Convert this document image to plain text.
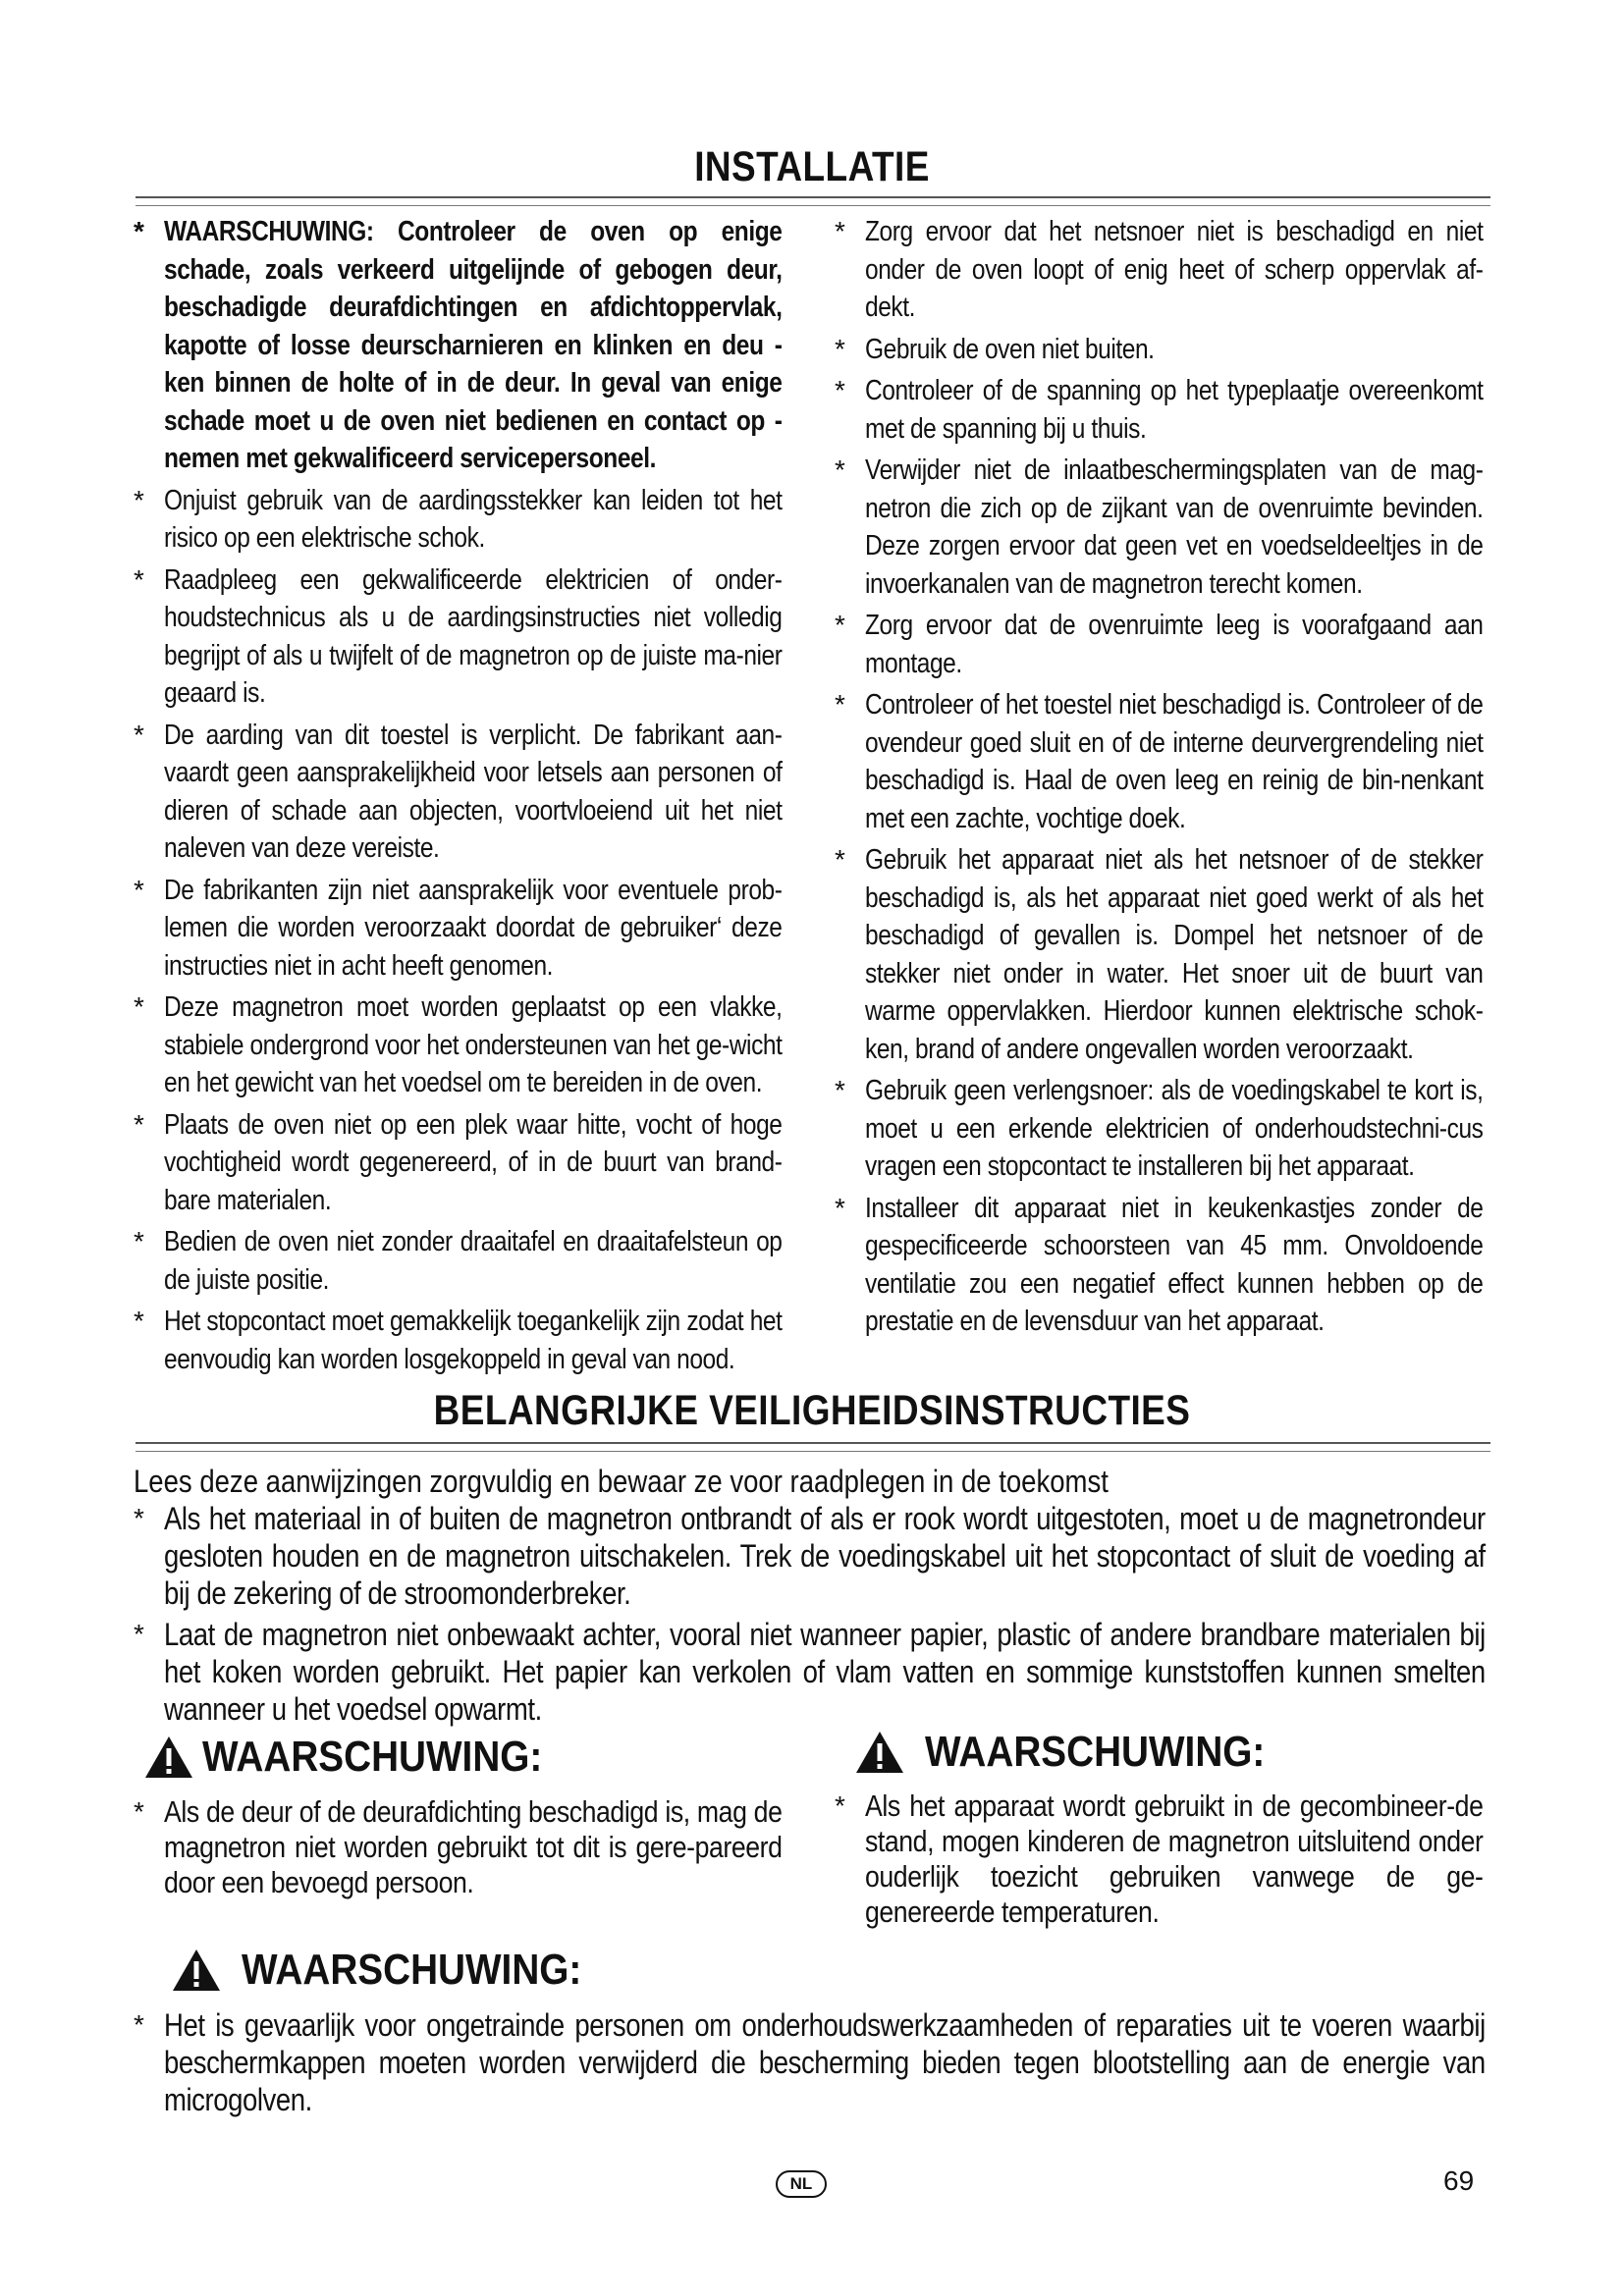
INSTALLATIE

* WAARSCHUWING: Controleer de oven op enige schade, zoals verkeerd uitgelijnde of gebogen deur, beschadigde deurafdichtingen en afdichtoppervlak, kapotte of losse deurscharnieren en klinken en deu - ken binnen de holte of in de deur. In geval van enige schade moet u de oven niet bedienen en contact op - nemen met gekwalificeerd servicepersoneel.

* Onjuist gebruik van de aardingsstekker kan leiden tot het risico op een elektrische schok.

* Raadpleeg een gekwalificeerde elektricien of onder-houdstechnicus als u de aardingsinstructies niet volledig begrijpt of als u twijfelt of de magnetron op de juiste ma-nier geaard is.

* De aarding van dit toestel is verplicht. De fabrikant aan-vaardt geen aansprakelijkheid voor letsels aan personen of dieren of schade aan objecten, voortvloeiend uit het niet naleven van deze vereiste.

* De fabrikanten zijn niet aansprakelijk voor eventuele prob-lemen die worden veroorzaakt doordat de gebruiker‘ deze instructies niet in acht heeft genomen.

* Deze magnetron moet worden geplaatst op een vlakke, stabiele ondergrond voor het ondersteunen van het ge-wicht en het gewicht van het voedsel om te bereiden in de oven.

* Plaats de oven niet op een plek waar hitte, vocht of hoge vochtigheid wordt gegenereerd, of in de buurt van brand-bare materialen.

* Bedien de oven niet zonder draaitafel en draaitafelsteun op de juiste positie.

* Het stopcontact moet gemakkelijk toegankelijk zijn zodat het eenvoudig kan worden losgekoppeld in geval van nood.

* Zorg ervoor dat het netsnoer niet is beschadigd en niet onder de oven loopt of enig heet of scherp oppervlak af-dekt.

* Gebruik de oven niet buiten.

* Controleer of de spanning op het typeplaatje overeenkomt met de spanning bij u thuis.

* Verwijder niet de inlaatbeschermingsplaten van de mag-netron die zich op de zijkant van de ovenruimte bevinden. Deze zorgen ervoor dat geen vet en voedseldeeltjes in de invoerkanalen van de magnetron terecht komen.

* Zorg ervoor dat de ovenruimte leeg is voorafgaand aan montage.

* Controleer of het toestel niet beschadigd is. Controleer of de ovendeur goed sluit en of de interne deurvergrendeling niet beschadigd is. Haal de oven leeg en reinig de bin-nenkant met een zachte, vochtige doek.

* Gebruik het apparaat niet als het netsnoer of de stekker beschadigd is, als het apparaat niet goed werkt of als het beschadigd of gevallen is. Dompel het netsnoer of de stekker niet onder in water. Het snoer uit de buurt van warme oppervlakken. Hierdoor kunnen elektrische schok-ken, brand of andere ongevallen worden veroorzaakt.

* Gebruik geen verlengsnoer: als de voedingskabel te kort is, moet u een erkende elektricien of onderhoudstechni-cus vragen een stopcontact te installeren bij het apparaat.

* Installeer dit apparaat niet in keukenkastjes zonder de gespecificeerde schoorsteen van 45 mm. Onvoldoende ventilatie zou een negatief effect kunnen hebben op de prestatie en de levensduur van het apparaat.

BELANGRIJKE VEILIGHEIDSINSTRUCTIES

Lees deze aanwijzingen zorgvuldig en bewaar ze voor raadplegen in de toekomst

* Als het materiaal in of buiten de magnetron ontbrandt of als er rook wordt uitgestoten, moet u de magnetrondeur gesloten houden en de magnetron uitschakelen. Trek de voedingskabel uit het stopcontact of sluit de voeding af bij de zekering of de stroomonderbreker.

* Laat de magnetron niet onbewaakt achter, vooral niet wanneer papier, plastic of andere brandbare materialen bij het koken worden gebruikt. Het papier kan verkolen of vlam vatten en sommige kunststoffen kunnen smelten wanneer u het voedsel opwarmt.

WAARSCHUWING:

* Als de deur of de deurafdichting beschadigd is, mag de magnetron niet worden gebruikt tot dit is gere-pareerd door een bevoegd persoon.

WAARSCHUWING:

* Als het apparaat wordt gebruikt in de gecombineer-de stand, mogen kinderen de magnetron uitsluitend onder ouderlijk toezicht gebruiken vanwege de ge-genereerde temperaturen.

WAARSCHUWING:

* Het is gevaarlijk voor ongetrainde personen om onderhoudswerkzaamheden of reparaties uit te voeren waarbij beschermkappen moeten worden verwijderd die bescherming bieden tegen blootstelling aan de energie van microgolven.

NL	69
